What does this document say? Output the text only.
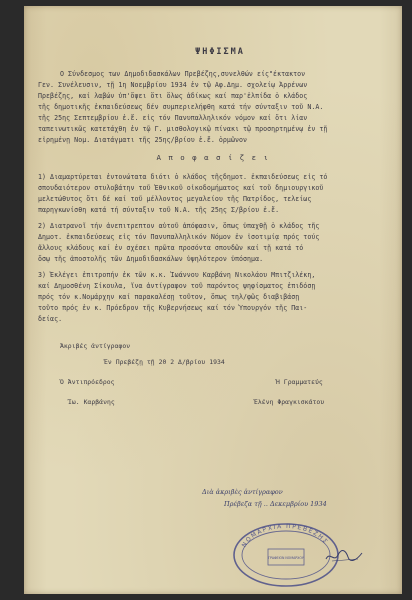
ΨΗΦΙΣΜΑ
Ο Σύνδεσμος των Δημοδιδασκάλων Πρεβέζης,συνελθών είς"έκτακτον
Γεν. Συνέλευσιν, τῇ 1η Νοεμβρίου 1934 ἐν τῷ Αφ.Δημ. σχολείῳ Ἀρρένων
Πρεβέζης, καί λαβών ὑπ'ὄψει ὅτι ὅλως ἀδίκως καί παρ'ἐλπίδα ὁ κλάδος
τῆς δημοτικῆς ἐκπαιδεύσεως δέν συμπεριελήφθη κατά τήν σύνταξιν τοῦ Ν.Α.
τῆς 25ης Σεπτεμβρίου ἐ.ἔ. εἰς τόν Πανυπαλληλικόν νόμον καί ὅτι λίαν
ταπεινωτικῶς κατετάχθη ἐν τῷ Γ. μισθολογικῷ πίνακι τῷ προσηρτημένῳ ἐν τῇ
εἰρημένῃ Νομ. Διατάγματι τῆς 25ης/βρίου ἐ.ἔ. ὁρμῶνον
Α π ο φ α σ ί ζ ε ι
1) Διαμαρτύρεται ἐντονώτατα διότι ὁ κλάδος τῆςδημοτ. ἐκπαιδεύσεως εἰς τό
σπουδαιότερον στυλοβάτην τοῦ Ἐθνικοῦ οἰκοδομήματος καί τοῦ δημιουργικοῦ
μελετώθυτος ὅτι δέ καί τοῦ μέλλοντος μεγαλείου τῆς Πατρίδος, τελείως
παρηγκωνίσθη κατά τή σύνταξιν τοῦ Ν.Α. τῆς 25ης Σ/βρίου ἐ.ἔ.
2) Διατρανοῖ τήν ἀνεπιτρεπτον αὐτοῦ ἀπόφασιν, ὅπως ὑπαχθῇ ὁ κλάδος τῆς
Δημοτ. ἐκπαιδεύσεως εἰς τόν Πανυπαλληλικόν Νόμον ἐν ἰσοτιμίᾳ πρός τούς
ἄλλους κλάδους καί ἐν σχέσει πρῶτα προσόντα σπουδῶν καί τῇ κατά τό
ὅσῳ τῆς ἀποστολῆς τῶν Δημοδιδασκάλων ὑψηλότερον ὑπόσημα.
3) Ἐκλέγει ἐπιτροπήν ἐκ τῶν κ.κ. Ἰωάννου Καρβάνη Νικολάου Μπιτζιλέκη,
καί Δημοσθένη Σίκουλα, ἵνα ἀντίγραφον τοῦ παρόντος ψηφίσματος ἐπιδόσῃ
πρός τόν κ.Νομάρχην καί παρακαλέσῃ τοῦτον, ὅπως τηλ/φῶς διαβιβάσῃ
τοῦτο πρός ἐν κ. Πρόεδρον τῆς Κυβερνήσεως καί τόν Ὑπουργόν τῆς Παι-
δείας.
Ἀκριβές ἀντίγραφον
Ἐν Πρεβέζῃ τῇ 20 2 Δ/βρίου 1934
Ὁ Ἀντιπρόεδρος	Ἡ Γραμματεύς
Ἰω. Καρβάνης	Ἑλένη Φραγκισκάτου
Διὰ ἀκριβὲς ἀντίγραφον
Πρέβεζα τῇ .. Δεκεμβρίου 1934
ΝΟΜΑΡΧΙΑ ΠΡΕΒΕΖΗΣ
ΓΡΑΦΕΙΟΝ ΝΟΜΑΡΧΟΥ
